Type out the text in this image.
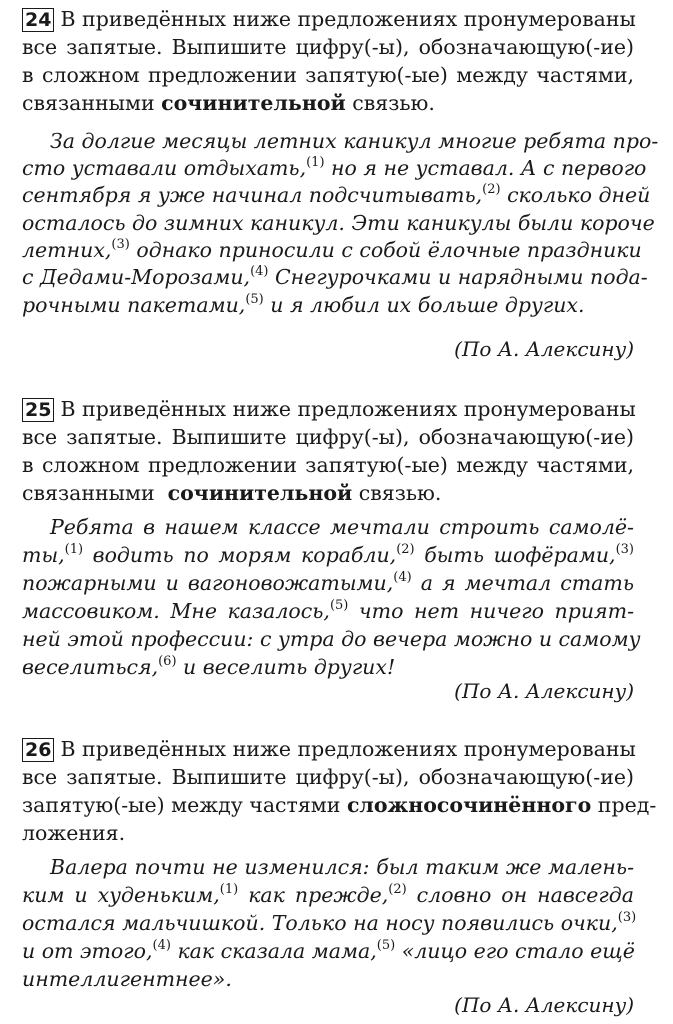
24 В приведённых ниже предложениях пронумерованы
все запятые. Выпишите цифру(-ы), обозначающую(-ие)
в сложном предложении запятую(-ые) между частями,
связанными сочинительной связью.
За долгие месяцы летних каникул многие ребята про-
сто уставали отдыхать,$^{(1)}$ но я не уставал. А с первого
сентября я уже начинал подсчитывать,$^{(2)}$ сколько дней
осталось до зимних каникул. Эти каникулы были короче
летних,$^{(3)}$ однако приносили с собой ёлочные праздники
с Дедами-Морозами,$^{(4)}$ Снегурочками и нарядными пода-
рочными пакетами,$^{(5)}$ и я любил их больше других.
(По А. Алексину)
25 В приведённых ниже предложениях пронумерованы
все запятые. Выпишите цифру(-ы), обозначающую(-ие)
в сложном предложении запятую(-ые) между частями,
связанными  сочинительной связью.
Ребята в нашем классе мечтали строить самолё-
ты,$^{(1)}$ водить по морям корабли,$^{(2)}$ быть шофёрами,$^{(3)}$
пожарными и вагоновожатыми,$^{(4)}$ а я мечтал стать
массовиком. Мне казалось,$^{(5)}$ что нет ничего прият-
ней этой профессии: с утра до вечера можно и самому
веселиться,$^{(6)}$ и веселить других!
(По А. Алексину)
26 В приведённых ниже предложениях пронумерованы
все запятые. Выпишите цифру(-ы), обозначающую(-ие)
запятую(-ые) между частями сложносочинённого пред-
ложения.
Валера почти не изменился: был таким же малень-
ким и худеньким,$^{(1)}$ как прежде,$^{(2)}$ словно он навсегда
остался мальчишкой. Только на носу появились очки,$^{(3)}$
и от этого,$^{(4)}$ как сказала мама,$^{(5)}$ «лицо его стало ещё
интеллигентнее».
(По А. Алексину)
